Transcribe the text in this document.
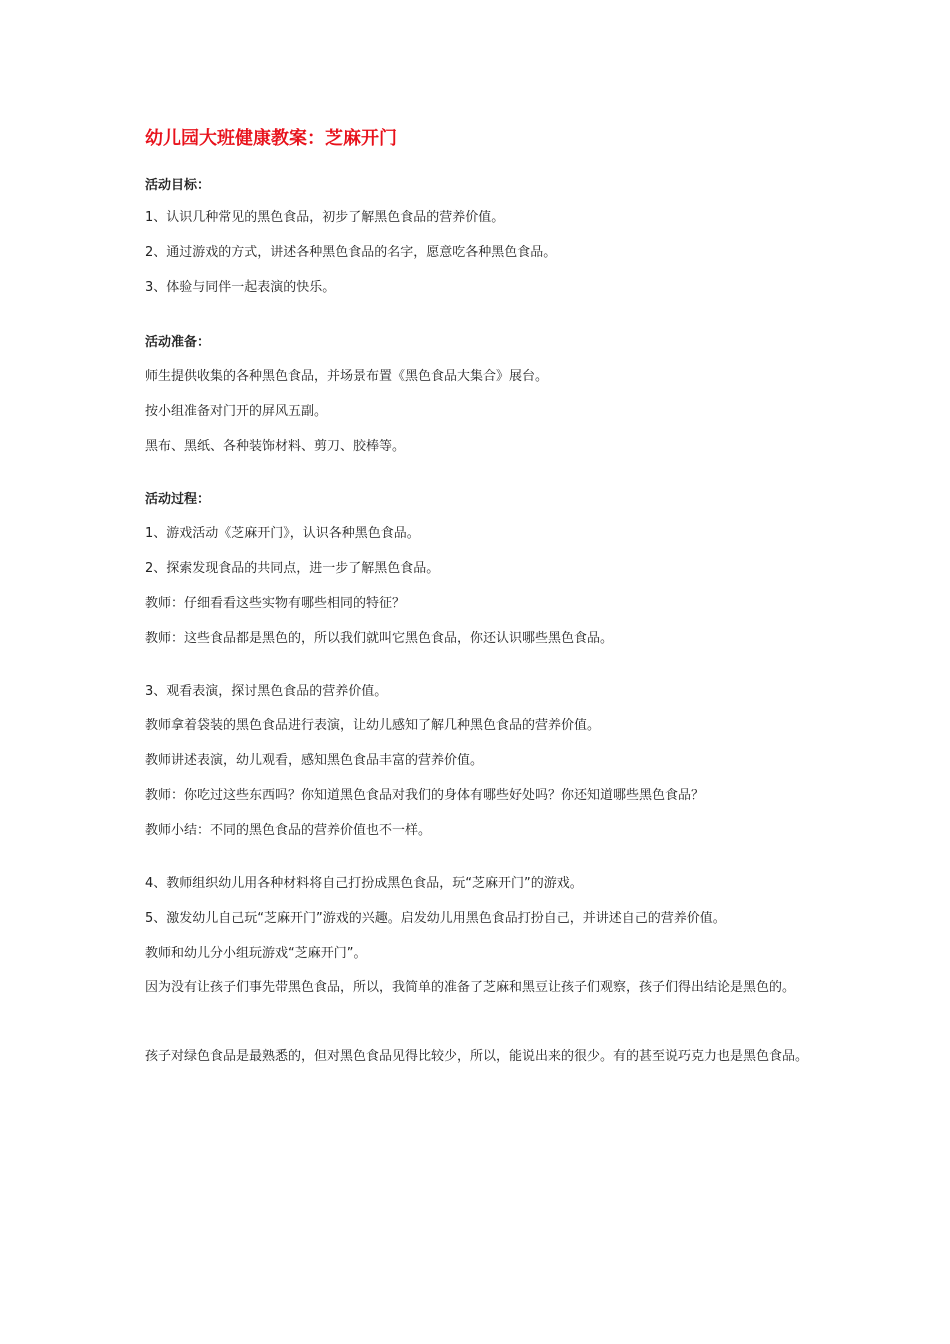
幼儿园大班健康教案：芝麻开门

活动目标：

1、认识几种常见的黑色食品，初步了解黑色食品的营养价值。

2、通过游戏的方式，讲述各种黑色食品的名字，愿意吃各种黑色食品。

3、体验与同伴一起表演的快乐。

活动准备：

师生提供收集的各种黑色食品，并场景布置《黑色食品大集合》展台。

按小组准备对门开的屏风五副。

黑布、黑纸、各种装饰材料、剪刀、胶棒等。

活动过程：

1、游戏活动《芝麻开门》，认识各种黑色食品。

2、探索发现食品的共同点，进一步了解黑色食品。

教师：仔细看看这些实物有哪些相同的特征？

教师：这些食品都是黑色的，所以我们就叫它黑色食品，你还认识哪些黑色食品。

3、观看表演，探讨黑色食品的营养价值。

教师拿着袋装的黑色食品进行表演，让幼儿感知了解几种黑色食品的营养价值。

教师讲述表演，幼儿观看，感知黑色食品丰富的营养价值。

教师：你吃过这些东西吗？你知道黑色食品对我们的身体有哪些好处吗？你还知道哪些黑色食品？

教师小结：不同的黑色食品的营养价值也不一样。

4、教师组织幼儿用各种材料将自己打扮成黑色食品，玩“芝麻开门”的游戏。

5、激发幼儿自己玩“芝麻开门”游戏的兴趣。启发幼儿用黑色食品打扮自己，并讲述自己的营养价值。

教师和幼儿分小组玩游戏“芝麻开门”。

因为没有让孩子们事先带黑色食品，所以，我简单的准备了芝麻和黑豆让孩子们观察，孩子们得出结论是黑色的。

孩子对绿色食品是最熟悉的，但对黑色食品见得比较少，所以，能说出来的很少。有的甚至说巧克力也是黑色食品。
